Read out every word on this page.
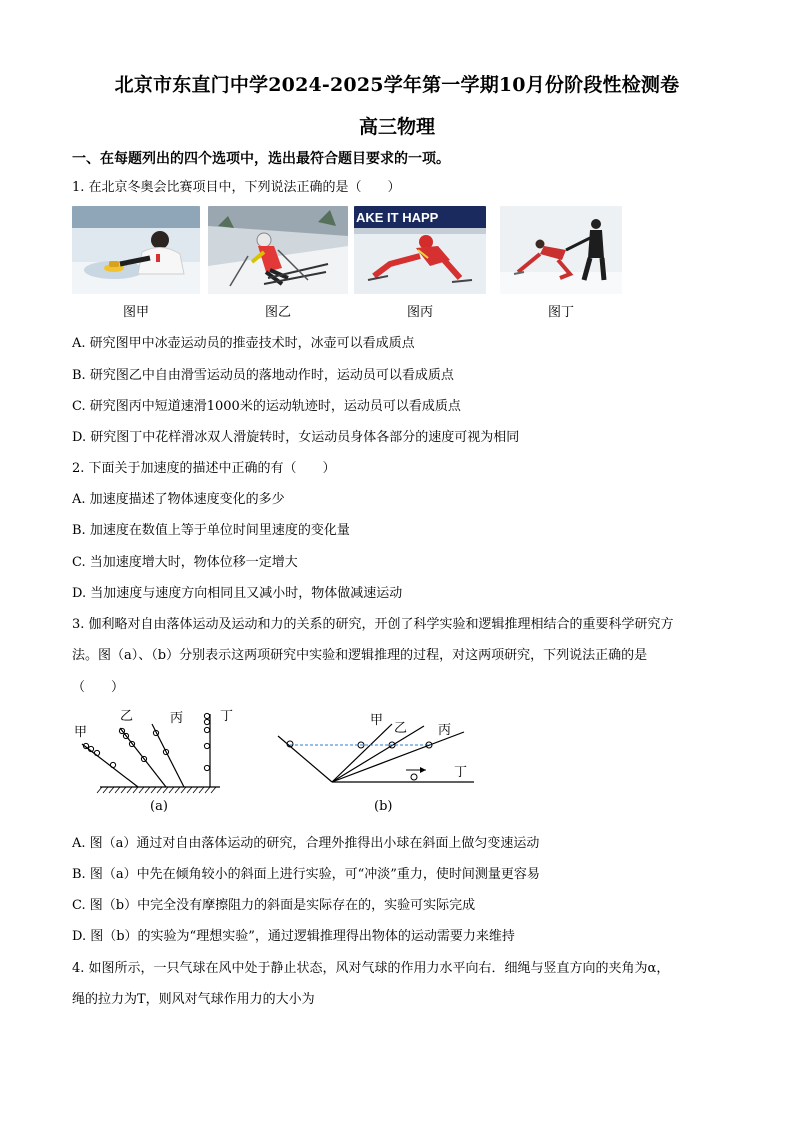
北京市东直门中学2024-2025学年第一学期10月份阶段性检测卷
高三物理
一、在每题列出的四个选项中，选出最符合题目要求的一项。
1. 在北京冬奥会比赛项目中，下列说法正确的是（　　）
AKE IT HAPP
图甲	图乙	图丙	图丁
A. 研究图甲中冰壶运动员的推壶技术时，冰壶可以看成质点
B. 研究图乙中自由滑雪运动员的落地动作时，运动员可以看成质点
C. 研究图丙中短道速滑1000米的运动轨迹时，运动员可以看成质点
D. 研究图丁中花样滑冰双人滑旋转时，女运动员身体各部分的速度可视为相同
2. 下面关于加速度的描述中正确的有（　　）
A. 加速度描述了物体速度变化的多少
B. 加速度在数值上等于单位时间里速度的变化量
C. 当加速度增大时，物体位移一定增大
D. 当加速度与速度方向相同且又减小时，物体做减速运动
3. 伽利略对自由落体运动及运动和力的关系的研究，开创了科学实验和逻辑推理相结合的重要科学研究方
法。图（a）、（b）分别表示这两项研究中实验和逻辑推理的过程，对这两项研究，下列说法正确的是
（　　）
甲
乙	丙	丁
(a)
甲
乙 丙
丁
(b)
A. 图（a）通过对自由落体运动的研究，合理外推得出小球在斜面上做匀变速运动
B. 图（a）中先在倾角较小的斜面上进行实验，可“冲淡”重力，使时间测量更容易
C. 图（b）中完全没有摩擦阻力的斜面是实际存在的，实验可实际完成
D. 图（b）的实验为“理想实验”，通过逻辑推理得出物体的运动需要力来维持
4. 如图所示，一只气球在风中处于静止状态，风对气球的作用力水平向右．细绳与竖直方向的夹角为α，
绳的拉力为T，则风对气球作用力的大小为
